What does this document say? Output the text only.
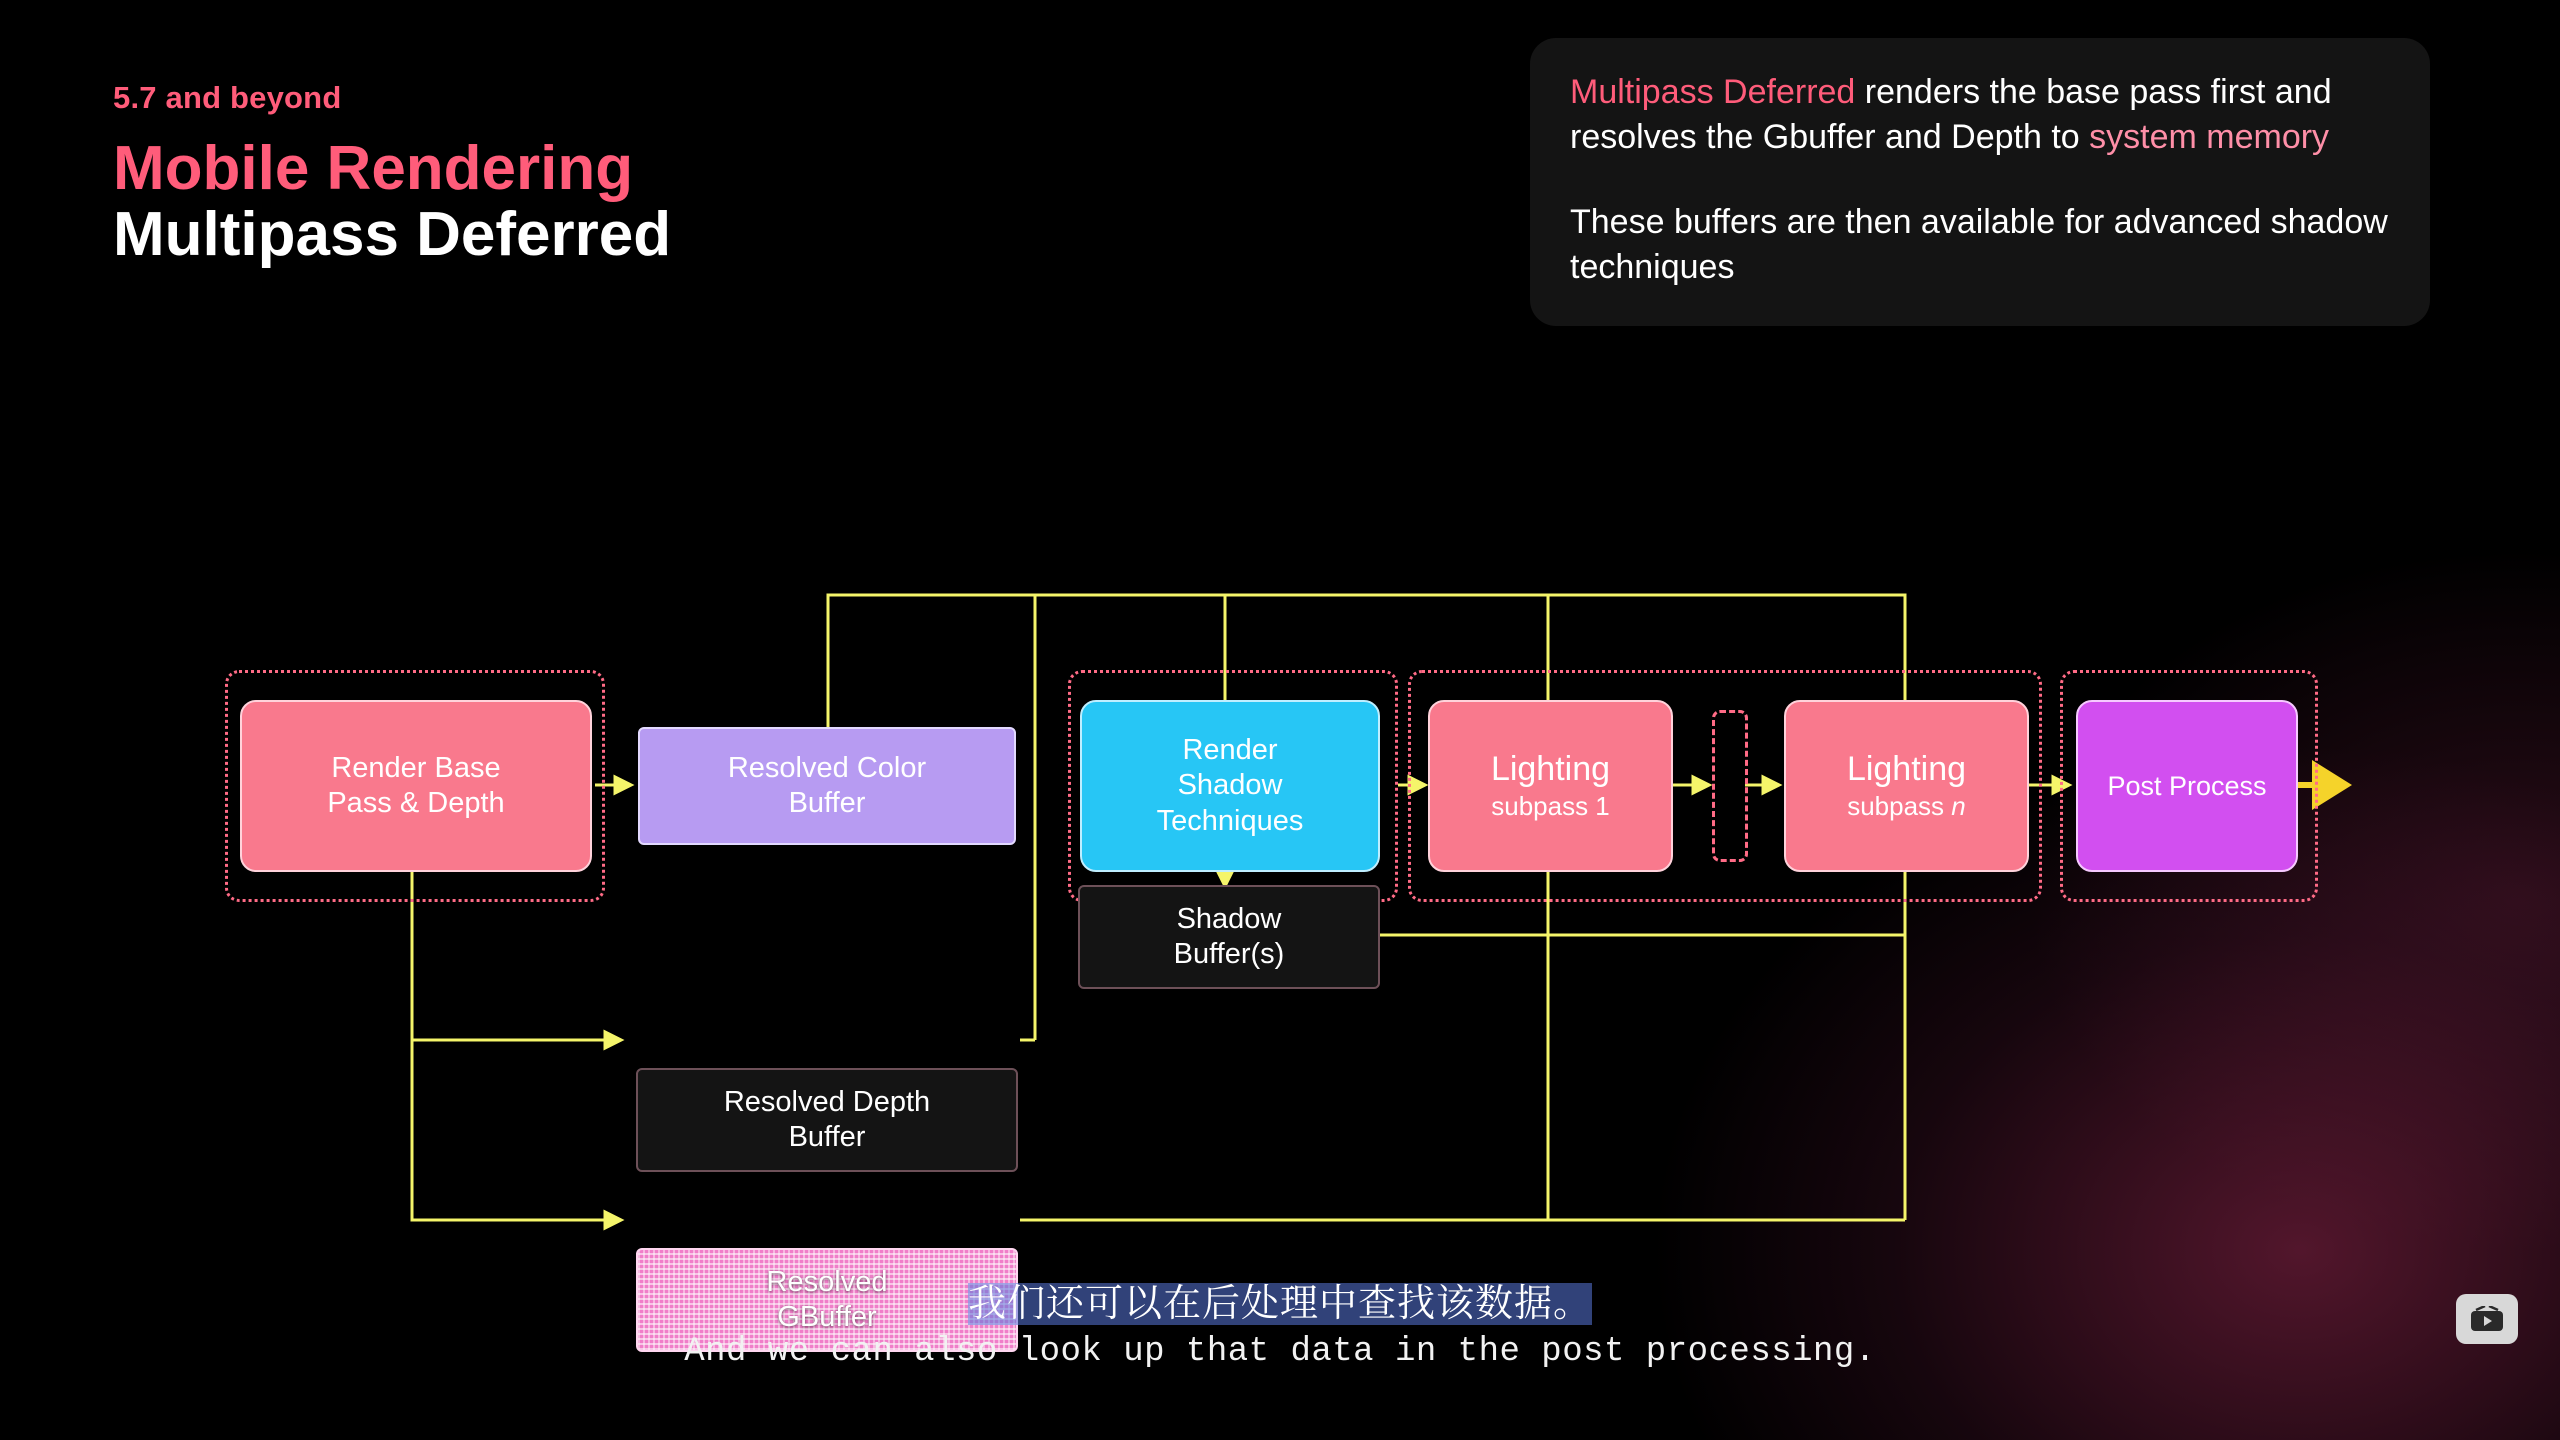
5.7 and beyond
Mobile Rendering
Multipass Deferred

Multipass Deferred renders the base pass first and resolves the Gbuffer and Depth to system memory

These buffers are then available for advanced shadow techniques

Render Base
Pass & Depth
Resolved Color
Buffer
Render
Shadow
Techniques
Shadow
Buffer(s)
Lighting
subpass 1
Lighting
subpass n
Post Process
Resolved Depth
Buffer
Resolved
GBuffer	我们还可以在后处理中查找该数据。
And we can also look up that data in the post processing.
